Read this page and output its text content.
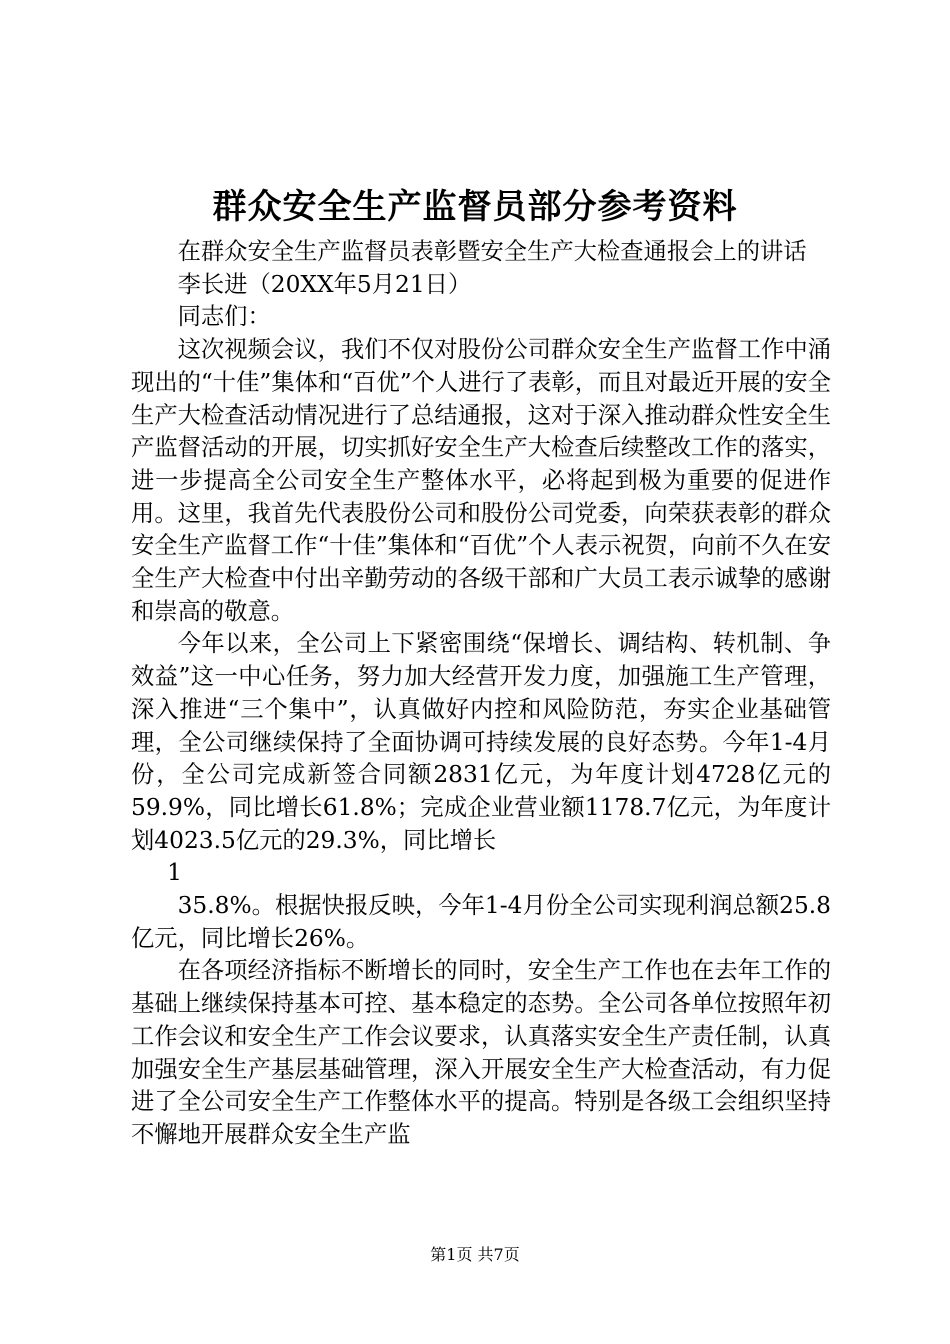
群众安全生产监督员部分参考资料

在群众安全生产监督员表彰暨安全生产大检查通报会上的讲话

李长进（20XX年5月21日）

同志们：

这次视频会议，我们不仅对股份公司群众安全生产监督工作中涌现出的“十佳”集体和“百优”个人进行了表彰，而且对最近开展的安全生产大检查活动情况进行了总结通报，这对于深入推动群众性安全生产监督活动的开展，切实抓好安全生产大检查后续整改工作的落实，进一步提高全公司安全生产整体水平，必将起到极为重要的促进作用。这里，我首先代表股份公司和股份公司党委，向荣获表彰的群众安全生产监督工作“十佳”集体和“百优”个人表示祝贺，向前不久在安全生产大检查中付出辛勤劳动的各级干部和广大员工表示诚挚的感谢和崇高的敬意。

今年以来，全公司上下紧密围绕“保增长、调结构、转机制、争效益”这一中心任务，努力加大经营开发力度，加强施工生产管理，深入推进“三个集中”，认真做好内控和风险防范，夯实企业基础管理，全公司继续保持了全面协调可持续发展的良好态势。今年1-4月份，全公司完成新签合同额2831亿元，为年度计划4728亿元的59.9%，同比增长61.8%；完成企业营业额1178.7亿元，为年度计划4023.5亿元的29.3%，同比增长

1

35.8%。根据快报反映，今年1-4月份全公司实现利润总额25.8亿元，同比增长26%。

在各项经济指标不断增长的同时，安全生产工作也在去年工作的基础上继续保持基本可控、基本稳定的态势。全公司各单位按照年初工作会议和安全生产工作会议要求，认真落实安全生产责任制，认真加强安全生产基层基础管理，深入开展安全生产大检查活动，有力促进了全公司安全生产工作整体水平的提高。特别是各级工会组织坚持不懈地开展群众安全生产监

第1页 共7页
